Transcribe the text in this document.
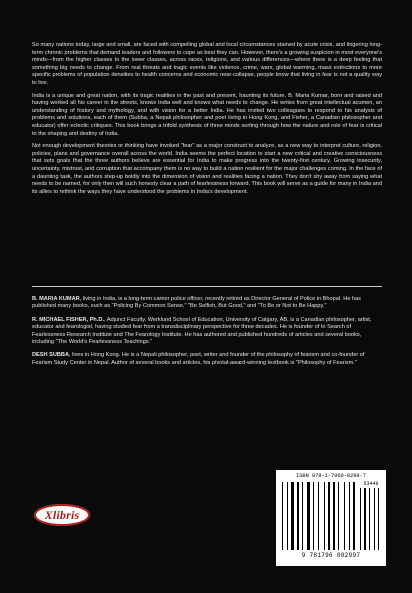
So many nations today, large and small, are faced with compelling global and local circumstances stained by acute crisis, and lingering long-term chronic problems that demand leaders and followers to cope as best they can. However, there's a growing suspicion in most everyone's minds—from the higher classes to the lower classes, across races, religions, and various differences—where there is a deep feeling that something big needs to change. From real threats and tragic events like violence, crime, wars, global warming, mass extinctions to more specific problems of population densities to health concerns and economic near-collapse, people know that living in fear is not a quality way to live.

India is a unique and great nation, with its tragic realities in the past and present, haunting its future. B. Maria Kumar, born and raised and having worked all his career in the streets, knows India well and knows what needs to change. He writes from great intellectual acumen, an understanding of history and mythology, and with vision for a better India. He has invited two colleagues to respond to his analysis of problems and solutions, each of them (Subba, a Nepali philosopher and poet living in Hong Kong, and Fisher, a Canadian philosopher and educator) offer eclectic critiques. This book brings a trifold synthesis of three minds sorting through how the nature and role of fear is critical to the shaping and destiny of India.

Not enough development theories or thinking have invoked "fear" as a major construct to analyze, as a new way to interpret culture, religion, policies, plans and governance overall across the world. India seems the perfect location to start a new critical and creative consciousness that sets goals that the three authors believe are essential for India to make progress into the twenty-first century. Growing insecurity, uncertainty, mistrust, and corruption that accompany them is no way to build a nation resilient for the major challenges coming. In the face of a daunting task, the authors step-up boldly into the dimension of vision and realities facing a nation. They don't shy away from saying what needs to be named, for only then will such honesty clear a path of fearlessness forward. This book will serve as a guide for many in India and its allies to rethink the ways they have understood the problems in India's development.

B. MARIA KUMAR, living in India, is a long-term career police officer, recently retired as Director General of Police in Bhopal. He has published many books, such as "Policing By Common Sense," "Be Selfish, But Good," and "To Be or Not to Be Happy."

R. MICHAEL FISHER, Ph.D., Adjunct Faculty, Werklund School of Education, University of Calgary, AB, is a Canadian philosopher, artist, educator and fearologist, having studied fear from a transdisciplinary perspective for three decades. He is founder of In Search of Fearlessness Research Institute and The Fearology Institute. He has authored and published hundreds of articles and several books, including "The World's Fearlessness Teachings."

DESH SUBBA, lives in Hong Kong. He is a Nepali philosopher, poet, writer and founder of the philosophy of fearism and co-founder of Fearism Study Center in Nepal. Author of several books and articles, his pivotal-award-winning textbook is "Philosophy of Fearism."

Xlibris
ISBN 978-1-7960-0299-7
53449
9 781796 002997
